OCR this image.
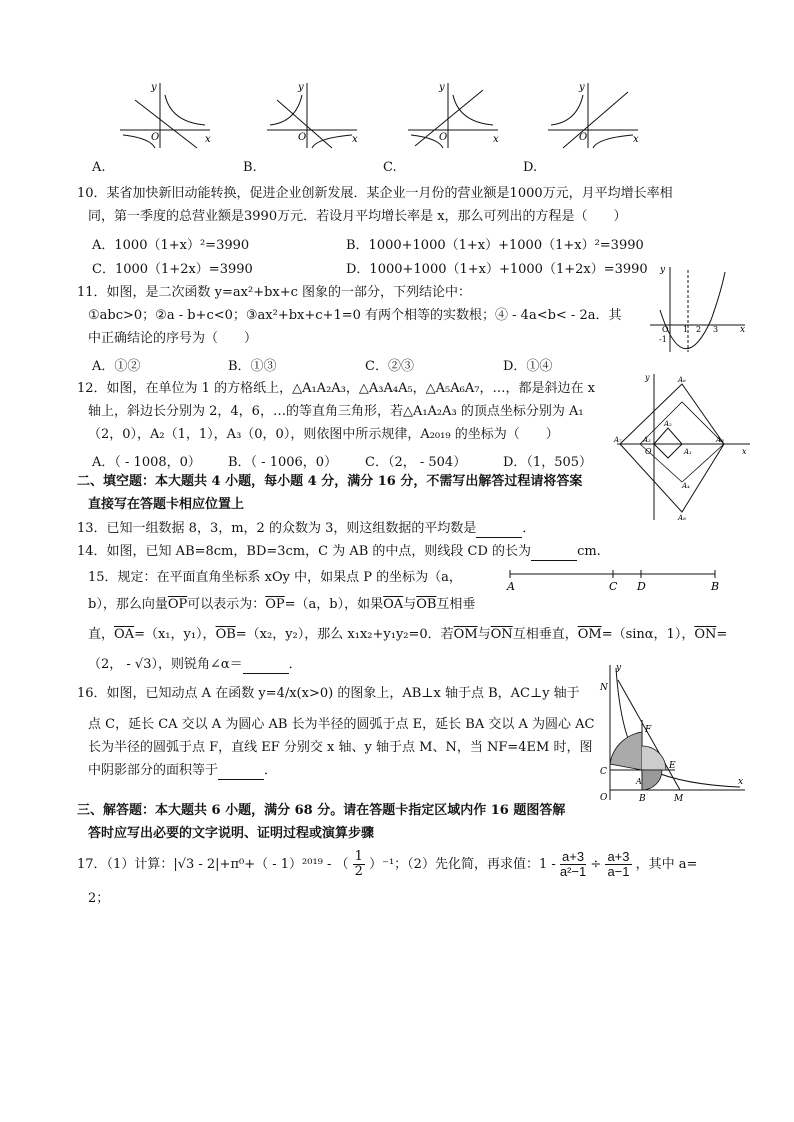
O	x
y
O	x
y
O	x
y
O	x
y
A.	B.	C.	D.
10．某省加快新旧动能转换，促进企业创新发展．某企业一月份的营业额是1000万元，月平均增长率相
同，第一季度的总营业额是3990万元．若设月平均增长率是 x，那么可列出的方程是（　　）
A．1000（1+x）²=3990	B．1000+1000（1+x）+1000（1+x）²=3990
C．1000（1+2x）=3990	D．1000+1000（1+x）+1000（1+2x）=3990
11．如图，是二次函数 y=ax²+bx+c 图象的一部分，下列结论中：
①abc>0；②a - b+c<0；③ax²+bx+c+1=0 有两个相等的实数根；④ - 4a<b< - 2a．其
中正确结论的序号为（　　）
A．①②	B．①③	C．②③	D．①④
y
O
-1
1 2 3 x
12．如图，在单位为 1 的方格纸上，△A₁A₂A₃，△A₃A₄A₅，△A₅A₆A₇，…，都是斜边在 x
轴上，斜边长分别为 2，4，6，…的等直角三角形，若△A₁A₂A₃ 的顶点坐标分别为 A₁
（2，0），A₂（1，1），A₃（0，0），则依图中所示规律，A₂₀₁₉ 的坐标为（　　）
A．（ - 1008，0） B．（ - 1006，0） C．（2， - 504）	D．（1，505）
y	A₆
A₂
A₇	A₃
O	A₁
A₅
A₄
A₈
x
二、填空题：本大题共 4 小题，每小题 4 分，满分 16 分，不需写出解答过程请将答案
直接写在答题卡相应位置上
13．已知一组数据 8，3，m，2 的众数为 3，则这组数据的平均数是	．
14．如图，已知 AB=8cm，BD=3cm，C 为 AB 的中点，则线段 CD 的长为	cm.
15．规定：在平面直角坐标系 xOy 中，如果点 P 的坐标为（a，
A	C D	B
b），那么向量$\overline{OP}$可以表示为：$\overline{OP}=(a$，b），如果$\overline{OA}$与$\overline{OB}$互相垂
直，$\overline{OA}=(x_1$，y₁），$\overline{OB}=(x_2$，y₂），那么 x₁x₂+y₁y₂=0．若$\overline{OM}$与$\overline{ON}$互相垂直，$\overline{OM}=(\sin\alpha$，1），$\overline{ON}=$
（2， - √3），则锐角∠α＝	．
16．如图，已知动点 A 在函数 y=4/x(x>0) 的图象上，AB⊥x 轴于点 B，AC⊥y 轴于
点 C，延长 CA 交以 A 为圆心 AB 长为半径的圆弧于点 E，延长 BA 交以 A 为圆心 AC
长为半径的圆弧于点 F，直线 EF 分别交 x 轴、y 轴于点 M、N，当 NF=4EM 时，图
中阴影部分的面积等于	．
y
N
F
C
A
E
O	B	M
x
三、解答题：本大题共 6 小题，满分 68 分。请在答题卡指定区域内作 16 题图答解
答时应写出必要的文字说明、证明过程或演算步骤
17．（1）计算：|√3 - 2|+π⁰+（ - 1）²⁰¹⁹ - （ $\frac{1}{2} )^{-1}$；（2）先化简，再求值：$1 - \frac{a+3}{\text{a²−1}} \div \frac{a+3}{a-1}$ ，其中 a=
2；
